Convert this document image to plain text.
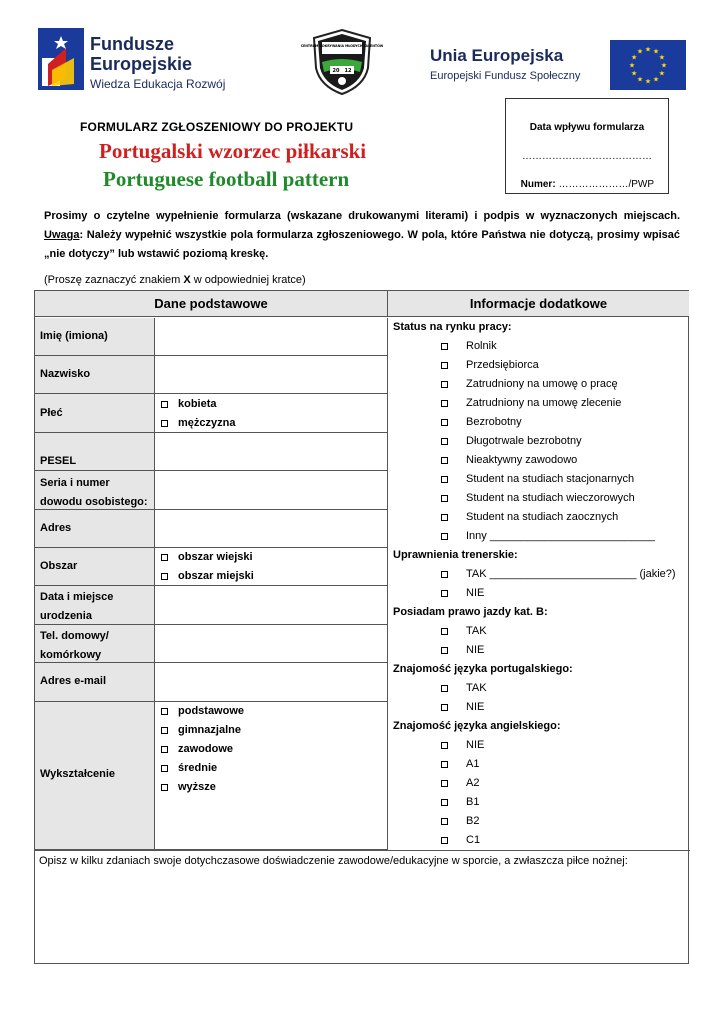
Fundusze
Europejskie
Wiedza Edukacja Rozwój
CENTRUM ODKRYWANIA MŁODYCH TALENTÓW
20 12
Unia Europejska
Europejski Fundusz Społeczny
★
★
★
★
★
★
★
★
★ ★ ★
★
FORMULARZ ZGŁOSZENIOWY DO PROJEKTU
Portugalski wzorzec piłkarski
Portuguese football pattern
Data wpływu formularza
…………………………………
Numer: …………………/PWP
Prosimy o czytelne wypełnienie formularza (wskazane drukowanymi literami) i podpis w wyznaczonych miejscach. Uwaga: Należy wypełnić wszystkie pola formularza zgłoszeniowego. W pola, które Państwa nie dotyczą, prosimy wpisać „nie dotyczy” lub wstawić poziomą kreskę.
(Proszę zaznaczyć znakiem X w odpowiedniej kratce)
Dane podstawowe	Informacje dodatkowe
Imię (imiona)
Nazwisko
Płeć
kobieta
mężczyzna
PESEL
Seria i numer
dowodu osobistego:
Adres
Obszar
obszar wiejski
obszar miejski
Data i miejsce
urodzenia
Tel. domowy/
komórkowy
Adres e-mail
Wykształcenie
podstawowe
gimnazjalne
zawodowe
średnie
wyższe
Status na rynku pracy:
Rolnik
Przedsiębiorca
Zatrudniony na umowę o pracę
Zatrudniony na umowę zlecenie
Bezrobotny
Długotrwale bezrobotny
Nieaktywny zawodowo
Student na studiach stacjonarnych
Student na studiach wieczorowych
Student na studiach zaocznych
Inny ___________________________
Uprawnienia trenerskie:
TAK ________________________ (jakie?)
NIE
Posiadam prawo jazdy kat. B:
TAK
NIE
Znajomość języka portugalskiego:
TAK
NIE
Znajomość języka angielskiego:
NIE
A1
A2
B1
B2
C1
Opisz w kilku zdaniach swoje dotychczasowe doświadczenie zawodowe/edukacyjne w sporcie, a zwłaszcza piłce nożnej:
